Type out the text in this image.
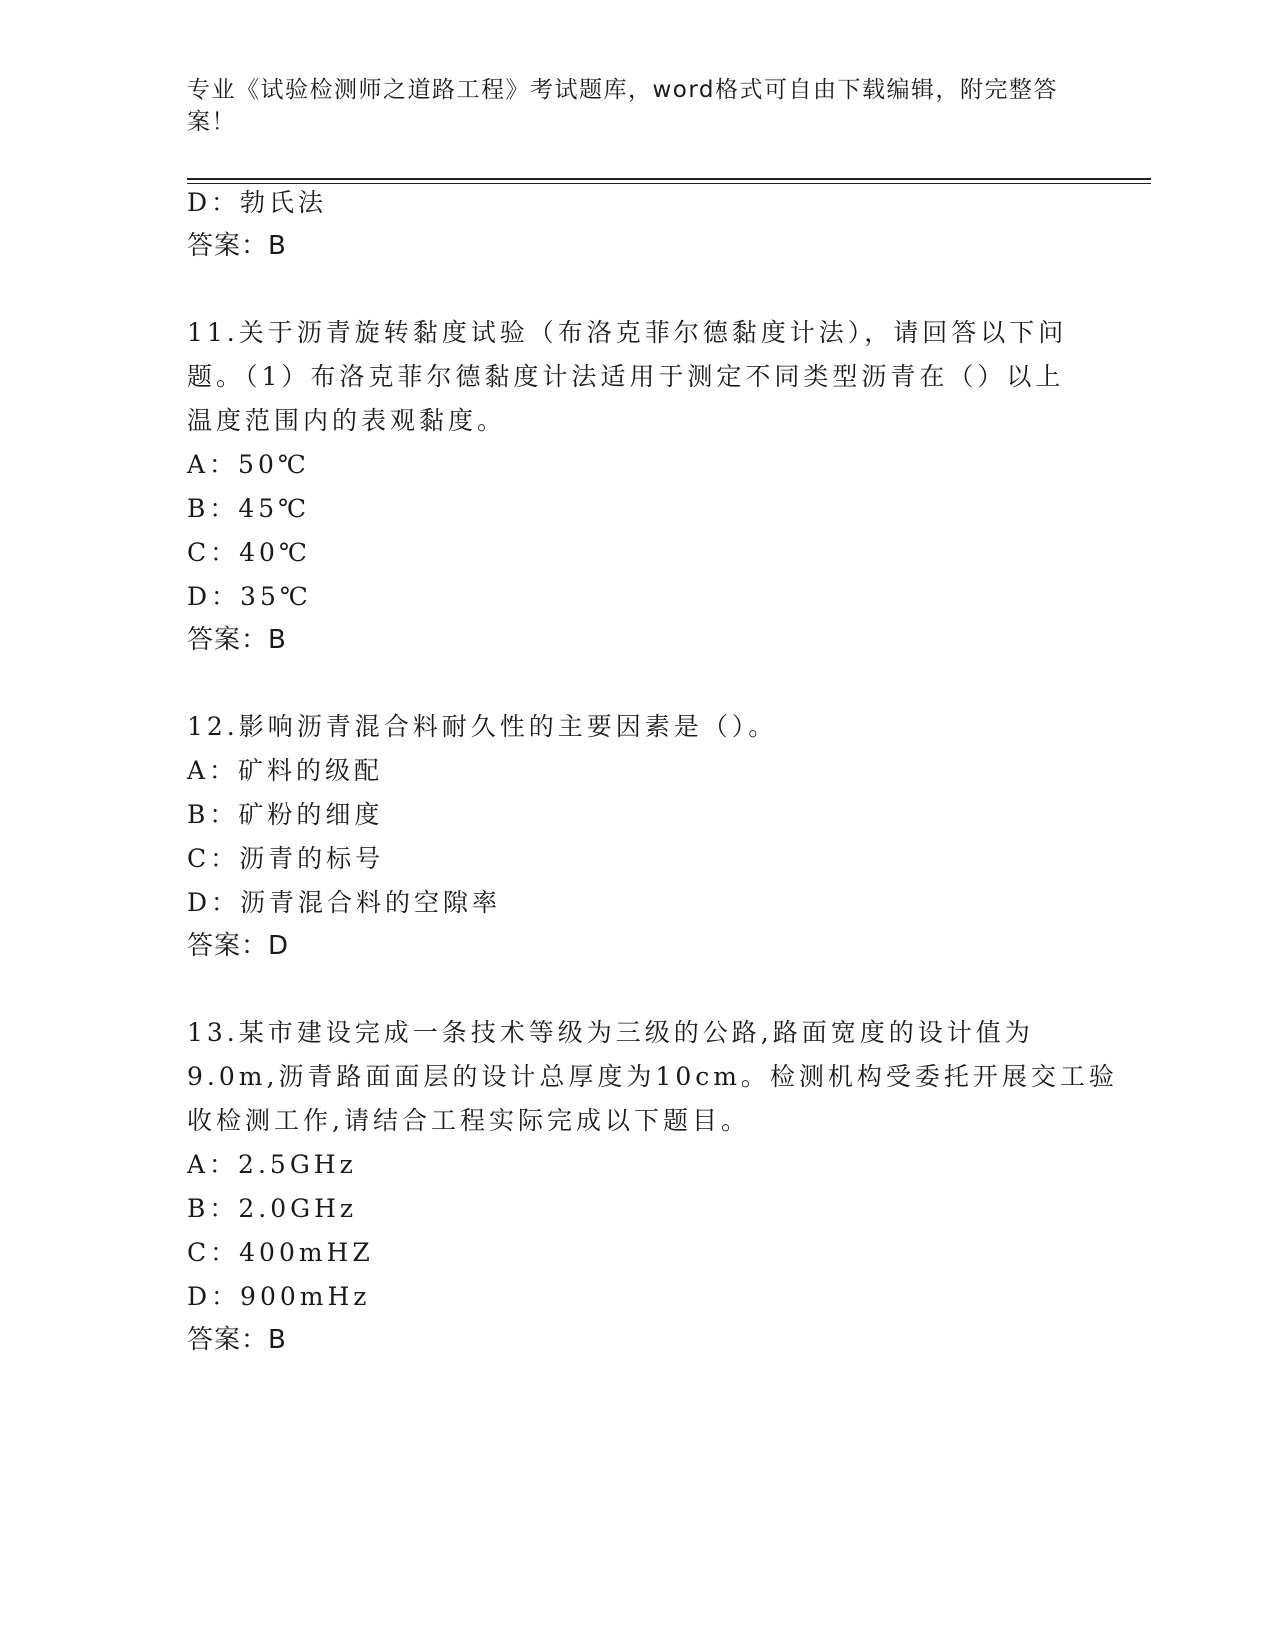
专业《试验检测师之道路工程》考试题库，word格式可自由下载编辑，附完整答案！
D：勃氏法
答案：B
11.关于沥青旋转黏度试验（布洛克菲尔德黏度计法），请回答以下问
题。（1）布洛克菲尔德黏度计法适用于测定不同类型沥青在（）以上
温度范围内的表观黏度。
A：50℃
B：45℃
C：40℃
D：35℃
答案：B
12.影响沥青混合料耐久性的主要因素是（）。
A：矿料的级配
B：矿粉的细度
C：沥青的标号
D：沥青混合料的空隙率
答案：D
13.某市建设完成一条技术等级为三级的公路,路面宽度的设计值为
9.0m,沥青路面面层的设计总厚度为10cm。检测机构受委托开展交工验
收检测工作,请结合工程实际完成以下题目。
A：2.5GHz
B：2.0GHz
C：400mHZ
D：900mHz
答案：B
